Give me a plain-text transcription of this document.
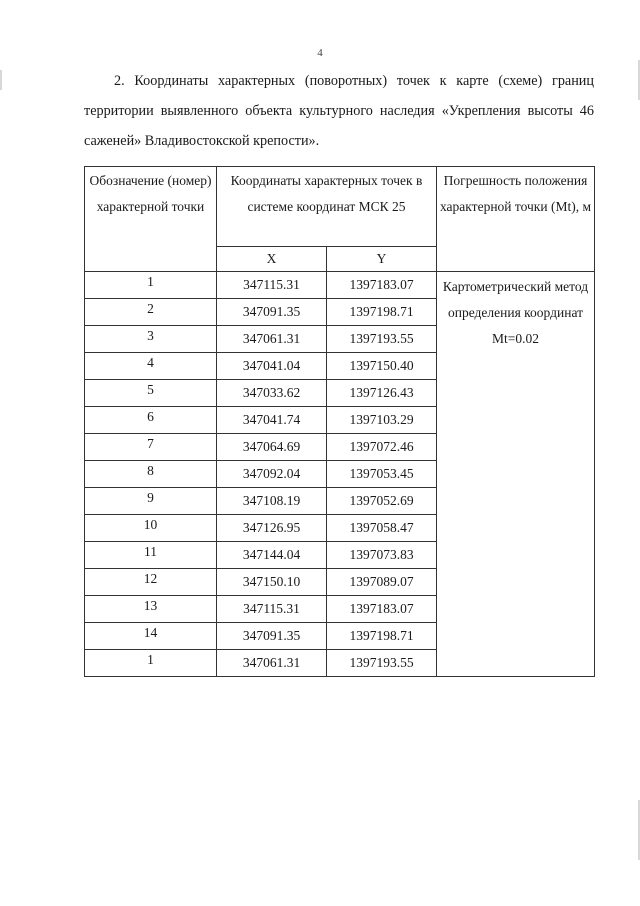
4

2. Координаты характерных (поворотных) точек к карте (схеме) границ
территории выявленного объекта культурного наследия «Укрепления высоты 46 саженей» Владивостокской крепости».

Обозначение (номер) характерной точки	Координаты характерных точек в системе координат МСК 25		Погрешность положения характерной точки (Mt), м
	X	Y	
1	347115.31	1397183.07	Картометрический метод определения координат Mt=0.02
2	347091.35	1397198.71	
3	347061.31	1397193.55	
4	347041.04	1397150.40	
5	347033.62	1397126.43	
6	347041.74	1397103.29	
7	347064.69	1397072.46	
8	347092.04	1397053.45	
9	347108.19	1397052.69	
10	347126.95	1397058.47	
11	347144.04	1397073.83	
12	347150.10	1397089.07	
13	347115.31	1397183.07	
14	347091.35	1397198.71	
1	347061.31	1397193.55	
